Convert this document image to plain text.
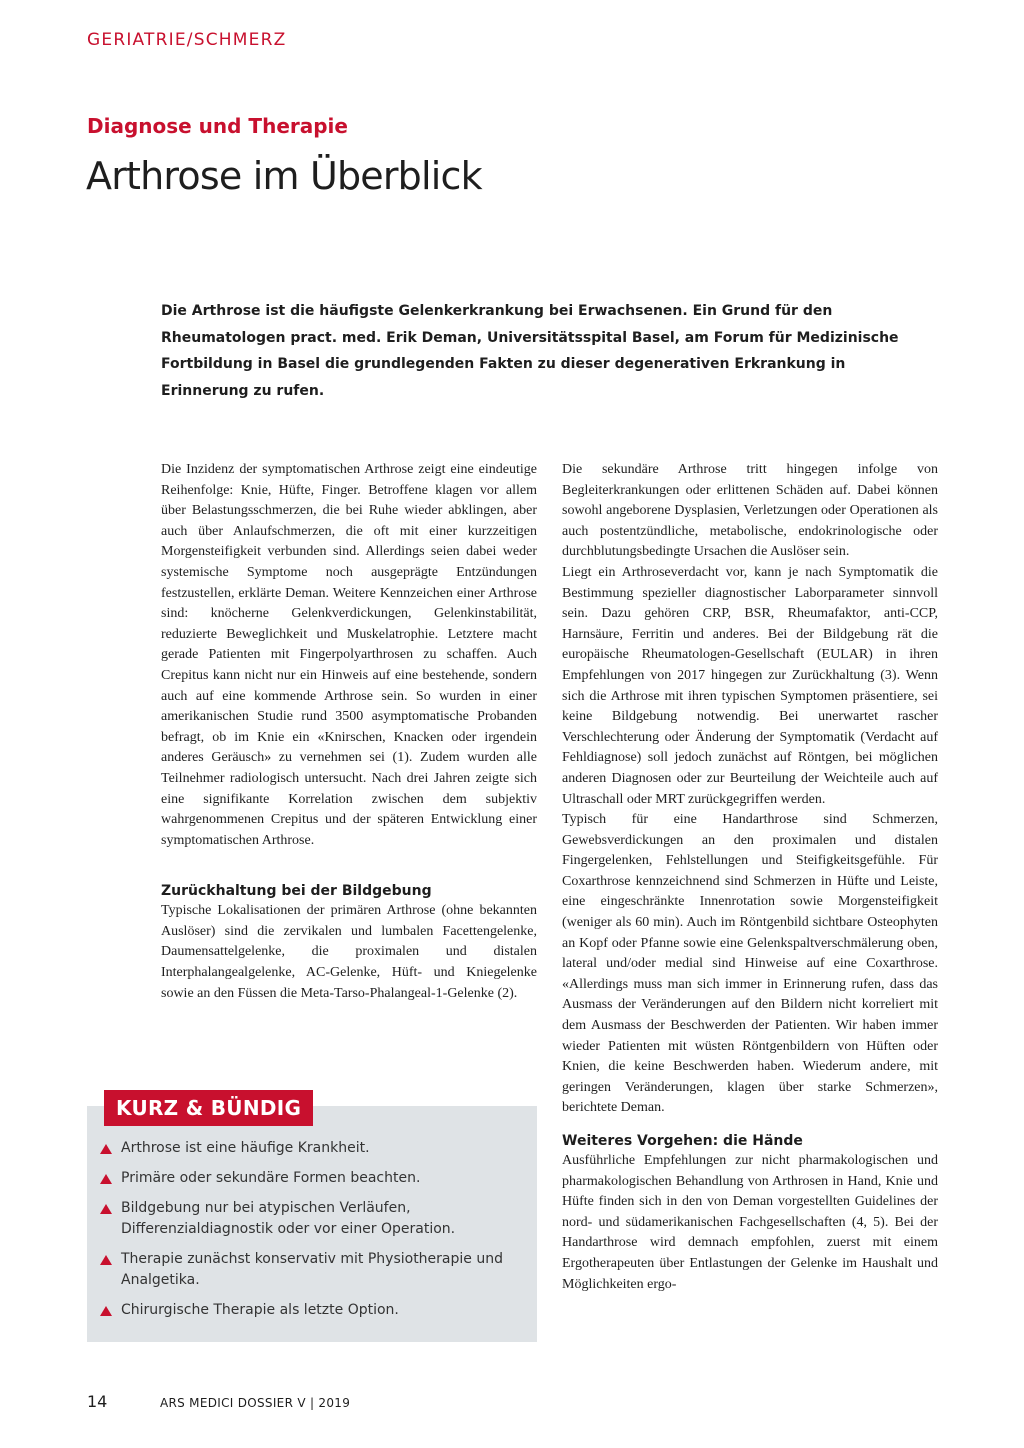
GERIATRIE/SCHMERZ
Diagnose und Therapie
Arthrose im Überblick

Die Arthrose ist die häufigste Gelenkerkrankung bei Erwachsenen. Ein Grund für den Rheumatologen pract. med. Erik Deman, Universitätsspital Basel, am Forum für Medizinische Fortbildung in Basel die grundlegenden Fakten zu dieser degenerativen Erkrankung in Erinnerung zu rufen.

Die Inzidenz der symptomatischen Arthrose zeigt eine eindeutige Reihenfolge: Knie, Hüfte, Finger. Betroffene klagen vor allem über Belastungsschmerzen, die bei Ruhe wieder abklingen, aber auch über Anlaufschmerzen, die oft mit einer kurzzeitigen Morgensteifigkeit verbunden sind. Allerdings seien dabei weder systemische Symptome noch ausgeprägte Entzündungen festzustellen, erklärte Deman. Weitere Kennzeichen einer Arthrose sind: knöcherne Gelenkverdickungen, Gelenkinstabilität, reduzierte Beweglichkeit und Muskelatrophie. Letztere macht gerade Patienten mit Fingerpolyarthrosen zu schaffen. Auch Crepitus kann nicht nur ein Hinweis auf eine bestehende, sondern auch auf eine kommende Arthrose sein. So wurden in einer amerikanischen Studie rund 3500 asymptomatische Probanden befragt, ob im Knie ein «Knirschen, Knacken oder irgendein anderes Geräusch» zu vernehmen sei (1). Zudem wurden alle Teilnehmer radiologisch untersucht. Nach drei Jahren zeigte sich eine signifikante Korrelation zwischen dem subjektiv wahrgenommenen Crepitus und der späteren Entwicklung einer symptomatischen Arthrose.

Zurückhaltung bei der Bildgebung

Typische Lokalisationen der primären Arthrose (ohne bekannten Auslöser) sind die zervikalen und lumbalen Facettengelenke, Daumensattelgelenke, die proximalen und distalen Interphalangealgelenke, AC-Gelenke, Hüft- und Kniegelenke sowie an den Füssen die Meta-Tarso-Phalangeal-1-Gelenke (2).

Die sekundäre Arthrose tritt hingegen infolge von Begleiterkrankungen oder erlittenen Schäden auf. Dabei können sowohl angeborene Dysplasien, Verletzungen oder Operationen als auch postentzündliche, metabolische, endokrinologische oder durchblutungsbedingte Ursachen die Auslöser sein.

Liegt ein Arthroseverdacht vor, kann je nach Symptomatik die Bestimmung spezieller diagnostischer Laborparameter sinnvoll sein. Dazu gehören CRP, BSR, Rheumafaktor, anti-CCP, Harnsäure, Ferritin und anderes. Bei der Bildgebung rät die europäische Rheumatologen-Gesellschaft (EULAR) in ihren Empfehlungen von 2017 hingegen zur Zurückhaltung (3). Wenn sich die Arthrose mit ihren typischen Symptomen präsentiere, sei keine Bildgebung notwendig. Bei unerwartet rascher Verschlechterung oder Änderung der Symptomatik (Verdacht auf Fehldiagnose) soll jedoch zunächst auf Röntgen, bei möglichen anderen Diagnosen oder zur Beurteilung der Weichteile auch auf Ultraschall oder MRT zurückgegriffen werden.

Typisch für eine Handarthrose sind Schmerzen, Gewebsverdickungen an den proximalen und distalen Fingergelenken, Fehlstellungen und Steifigkeitsgefühle. Für Coxarthrose kennzeichnend sind Schmerzen in Hüfte und Leiste, eine eingeschränkte Innenrotation sowie Morgensteifigkeit (weniger als 60 min). Auch im Röntgenbild sichtbare Osteophyten an Kopf oder Pfanne sowie eine Gelenkspaltverschmälerung oben, lateral und/oder medial sind Hinweise auf eine Coxarthrose. «Allerdings muss man sich immer in Erinnerung rufen, dass das Ausmass der Veränderungen auf den Bildern nicht korreliert mit dem Ausmass der Beschwerden der Patienten. Wir haben immer wieder Patienten mit wüsten Röntgenbildern von Hüften oder Knien, die keine Beschwerden haben. Wiederum andere, mit geringen Veränderungen, klagen über starke Schmerzen», berichtete Deman.

Weiteres Vorgehen: die Hände

Ausführliche Empfehlungen zur nicht pharmakologischen und pharmakologischen Behandlung von Arthrosen in Hand, Knie und Hüfte finden sich in den von Deman vorgestellten Guidelines der nord- und südamerikanischen Fachgesellschaften (4, 5). Bei der Handarthrose wird demnach empfohlen, zuerst mit einem Ergotherapeuten über Entlastungen der Gelenke im Haushalt und Möglichkeiten ergo-

KURZ & BÜNDIG
Arthrose ist eine häufige Krankheit.
Primäre oder sekundäre Formen beachten.
Bildgebung nur bei atypischen Verläufen, Differenzialdiagnostik oder vor einer Operation.
Therapie zunächst konservativ mit Physiotherapie und Analgetika.
Chirurgische Therapie als letzte Option.
14	ARS MEDICI DOSSIER V | 2019
